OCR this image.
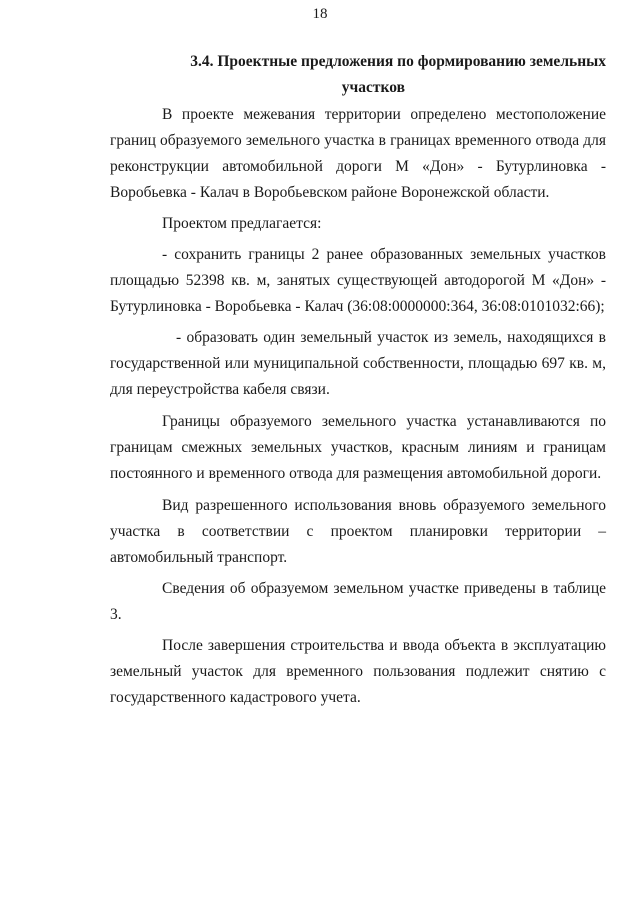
18
3.4. Проектные предложения по формированию земельных
участков

В проекте межевания территории определено местоположение границ образуемого земельного участка в границах временного отвода для реконструкции автомобильной дороги М «Дон» - Бутурлиновка - Воробьевка - Калач в Воробьевском районе Воронежской области.

Проектом предлагается:

- сохранить границы 2 ранее образованных земельных участков площадью 52398 кв. м, занятых существующей автодорогой М «Дон» - Бутурлиновка - Воробьевка - Калач (36:08:0000000:364, 36:08:0101032:66);

- образовать один земельный участок из земель, находящихся в государственной или муниципальной собственности, площадью 697 кв. м, для переустройства кабеля связи.

Границы образуемого земельного участка устанавливаются по границам смежных земельных участков, красным линиям и границам постоянного и временного отвода для размещения автомобильной дороги.

Вид разрешенного использования вновь образуемого земельного участка в соответствии с проектом планировки территории – автомобильный транспорт.

Сведения об образуемом земельном участке приведены в таблице 3.

После завершения строительства и ввода объекта в эксплуатацию земельный участок для временного пользования подлежит снятию с государственного кадастрового учета.
